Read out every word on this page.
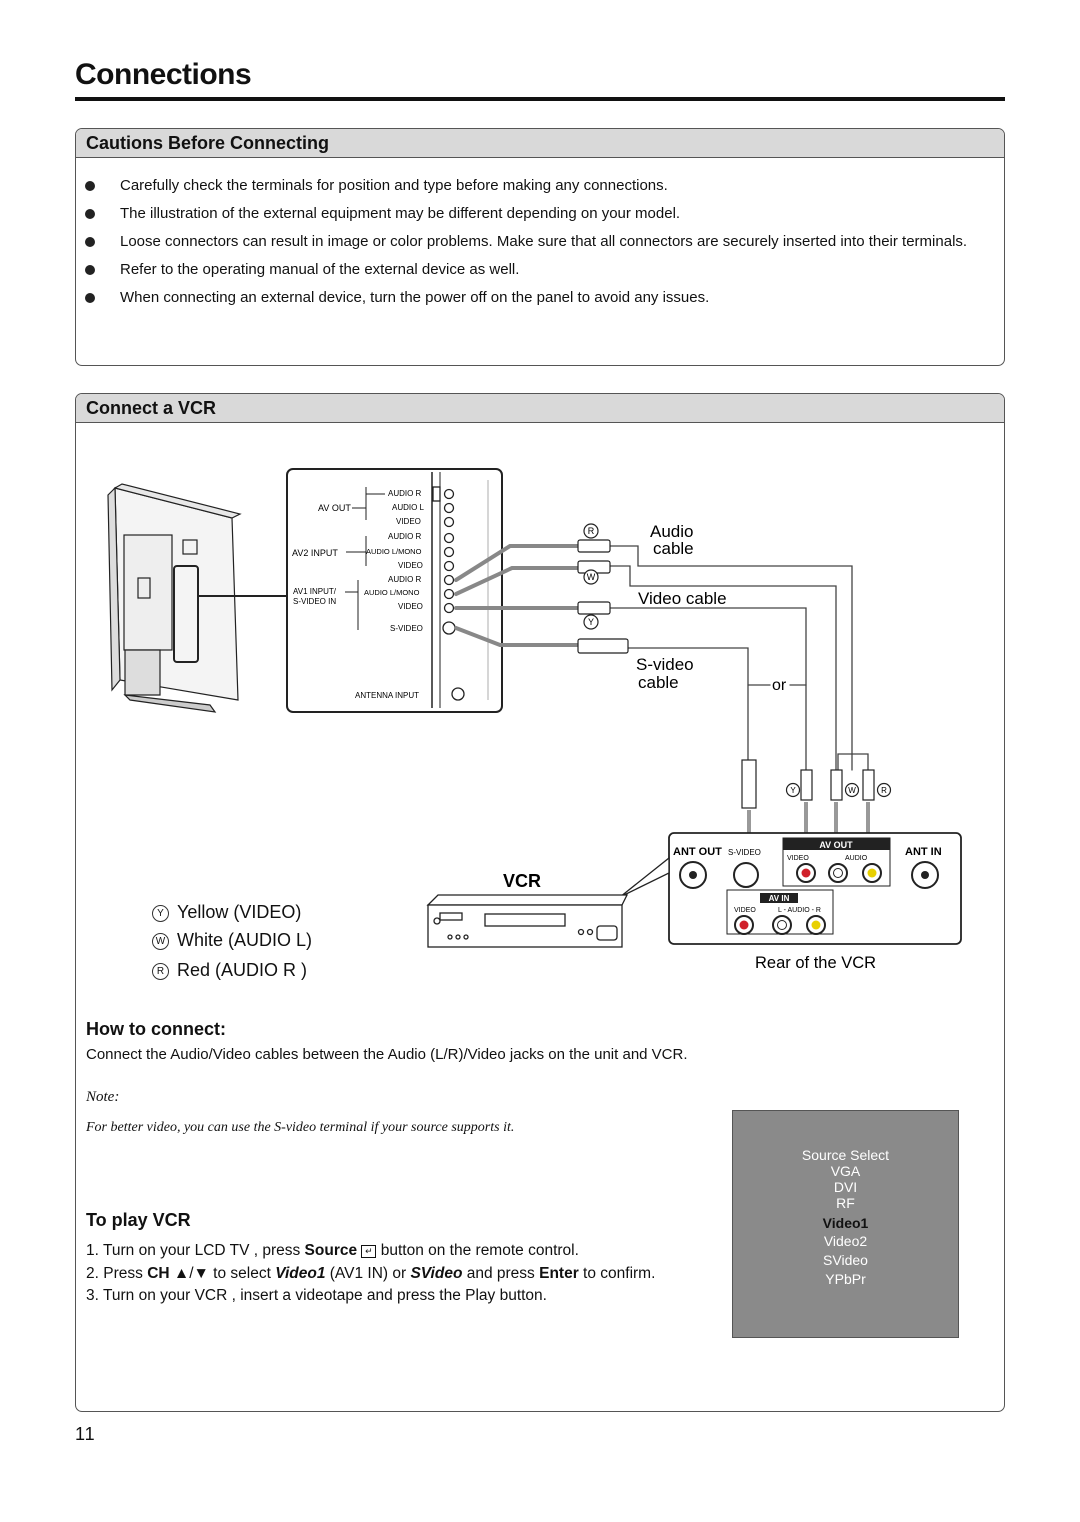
Connections
Cautions Before Connecting
Carefully check the terminals for position and type before making any connections.
The illustration of the external equipment may be different depending on your model.
Loose connectors can result in image or color problems. Make sure that all connectors are securely inserted into their terminals.
Refer to the operating manual of the external device as well.
When connecting an external device, turn the power off on the panel to avoid any issues.
Connect a VCR
AV OUT
AV2 INPUT
AV1 INPUT/
S-VIDEO IN
AUDIO R
AUDIO L
VIDEO
AUDIO R
AUDIO L/MONO
VIDEO
AUDIO R
AUDIO L/MONO
VIDEO
S-VIDEO
ANTENNA INPUT
R
W
Y
Audio
cable
Video cable
S-video
cable	or
Y	W	R
ANT OUT S-VIDEO
AV OUT
VIDEO	AUDIO
AV IN
VIDEO	L - AUDIO - R
ANT IN
VCR
Rear of the VCR
Y Yellow (VIDEO)
W White (AUDIO L)
R Red (AUDIO R )
How to connect:
Connect the Audio/Video cables between the Audio (L/R)/Video jacks on the unit and VCR.
Note:
For better video, you can use the S-video terminal if your source supports it.
To play VCR
1. Turn on your LCD TV , press Source ↵ button on the remote control.
2. Press CH ▲/▼ to select Video1 (AV1 IN) or SVideo and press Enter to confirm.
3. Turn on your VCR , insert a videotape and press the Play button.
Source Select
VGA
DVI
RF
Video1
Video2
SVideo
YPbPr
11
